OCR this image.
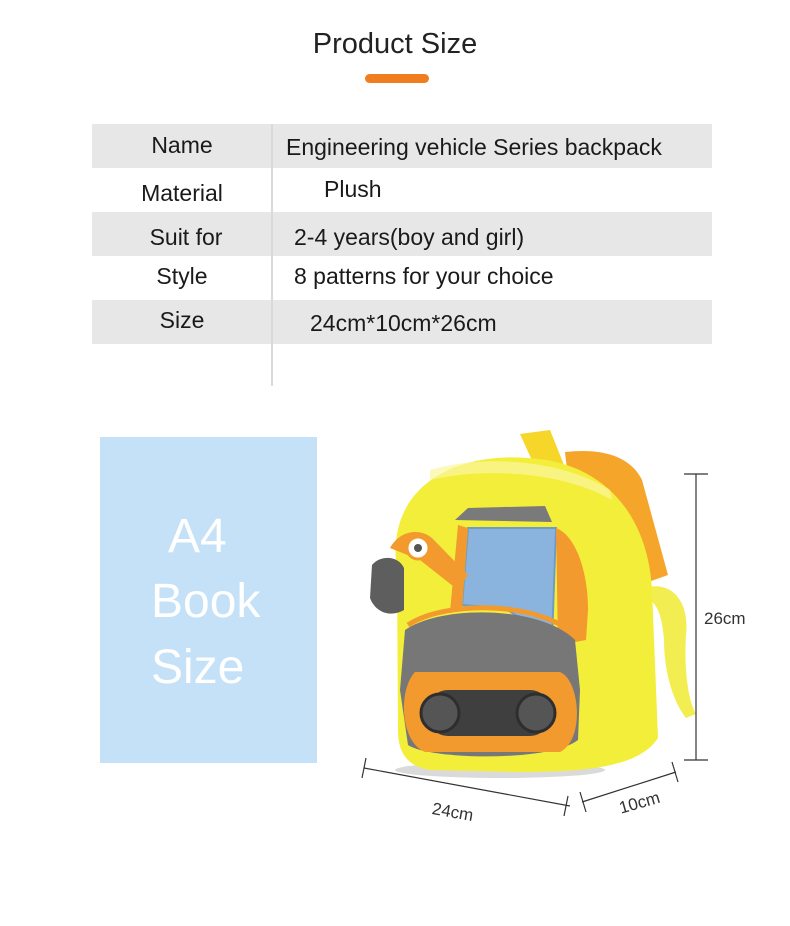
Product Size
Name	Engineering vehicle Series backpack
Material	Plush
Suit for	2-4 years(boy and girl)
Style	8 patterns for your choice
Size	24cm*10cm*26cm
A4
Book
Size
26cm
24cm	10cm
